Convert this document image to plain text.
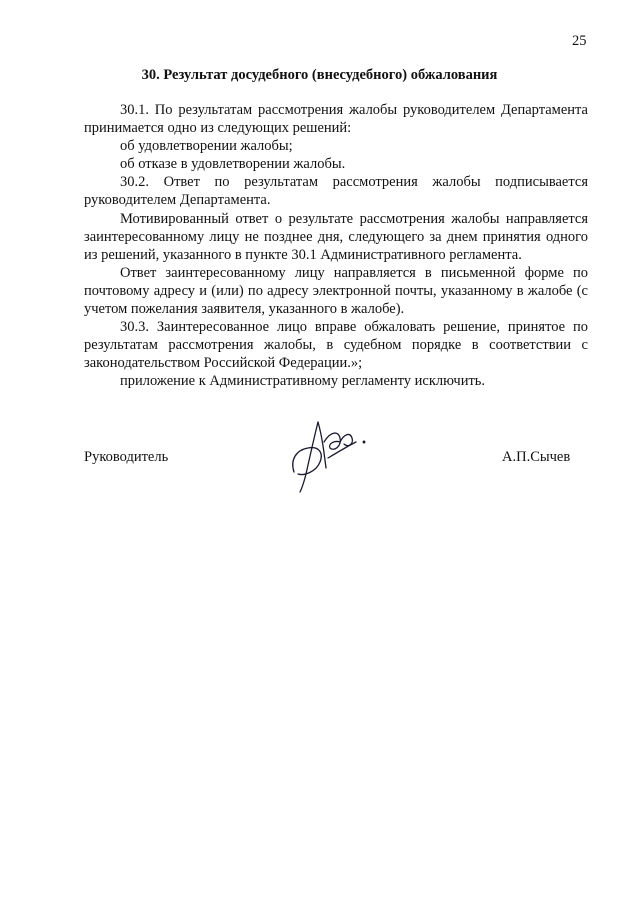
25
30. Результат досудебного (внесудебного) обжалования

30.1. По результатам рассмотрения жалобы руководителем Департамента принимается одно из следующих решений:

об удовлетворении жалобы;

об отказе в удовлетворении жалобы.

30.2. Ответ по результатам рассмотрения жалобы подписывается руководителем Департамента.

Мотивированный ответ о результате рассмотрения жалобы направляется заинтересованному лицу не позднее дня, следующего за днем принятия одного из решений, указанного в пункте 30.1 Административного регламента.

Ответ заинтересованному лицу направляется в письменной форме по почтовому адресу и (или) по адресу электронной почты, указанному в жалобе (с учетом пожелания заявителя, указанного в жалобе).

30.3. Заинтересованное лицо вправе обжаловать решение, принятое по результатам рассмотрения жалобы, в судебном порядке в соответствии с законодательством Российской Федерации.»;

приложение к Административному регламенту исключить.

Руководитель	А.П.Сычев
